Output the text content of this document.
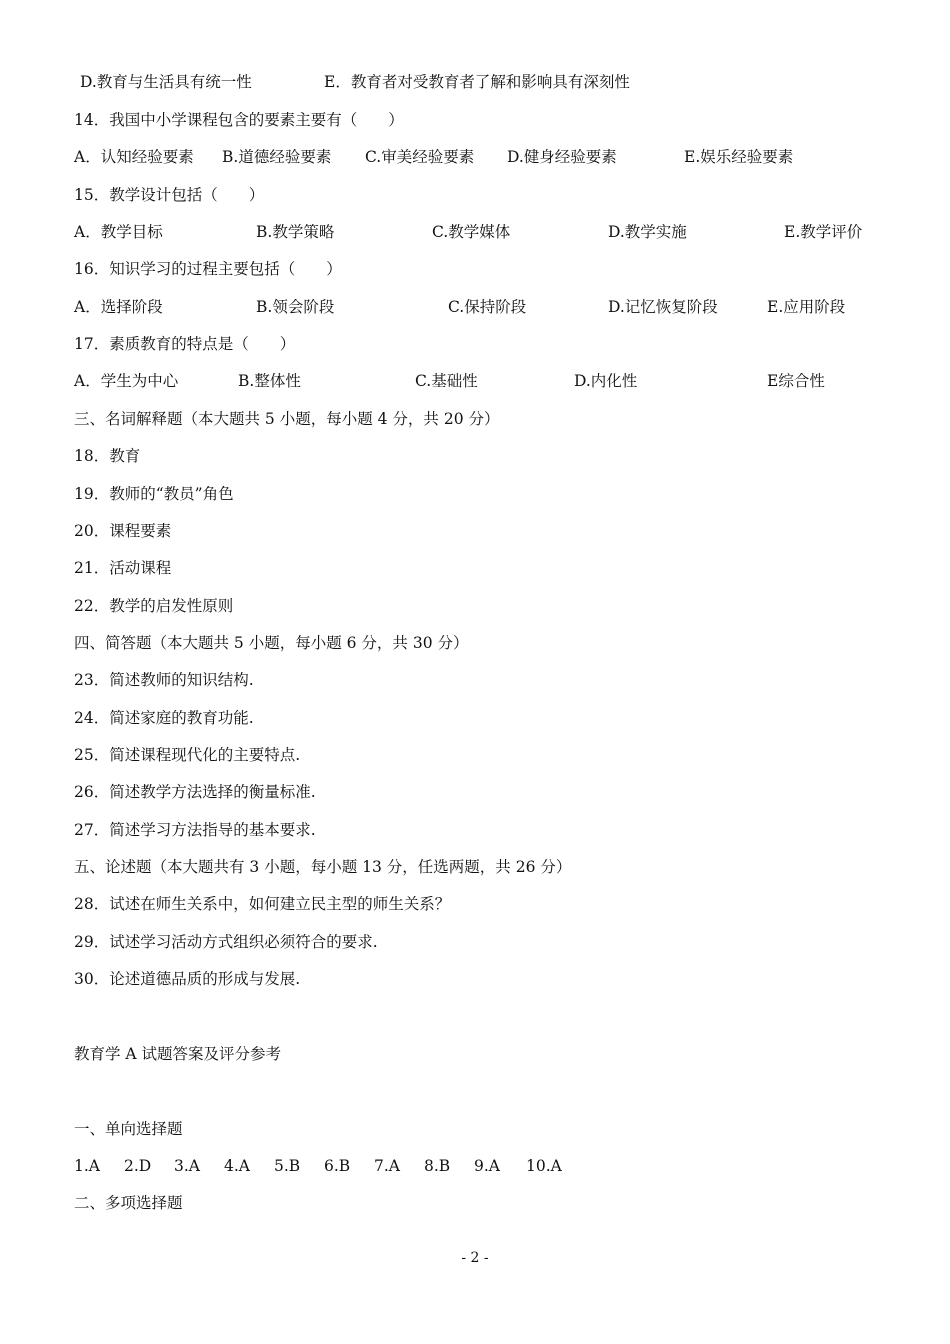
D.教育与生活具有统一性	E．教育者对受教育者了解和影响具有深刻性
14．我国中小学课程包含的要素主要有（　　）
A．认知经验要素 B.道德经验要素 C.审美经验要素 D.健身经验要素	E.娱乐经验要素
15．教学设计包括（　　）
A．教学目标	B.教学策略	C.教学媒体	D.教学实施	E.教学评价
16．知识学习的过程主要包括（　　）
A．选择阶段	B.领会阶段	C.保持阶段	D.记忆恢复阶段	E.应用阶段
17．素质教育的特点是（　　）
A．学生为中心	B.整体性	C.基础性	D.内化性	E综合性
三、名词解释题（本大题共 5 小题，每小题 4 分，共 20 分）
18．教育
19．教师的“教员”角色
20．课程要素
21．活动课程
22．教学的启发性原则
四、简答题（本大题共 5 小题，每小题 6 分，共 30 分）
23．简述教师的知识结构.
24．简述家庭的教育功能.
25．简述课程现代化的主要特点.
26．简述教学方法选择的衡量标准.
27．简述学习方法指导的基本要求.
五、论述题（本大题共有 3 小题，每小题 13 分，任选两题，共 26 分）
28．试述在师生关系中，如何建立民主型的师生关系？
29．试述学习活动方式组织必须符合的要求.
30．论述道德品质的形成与发展.
教育学 A 试题答案及评分参考
一、单向选择题
1.A 2.D 3.A 4.A 5.B 6.B 7.A 8.B 9.A 10.A
二、多项选择题
- 2 -
